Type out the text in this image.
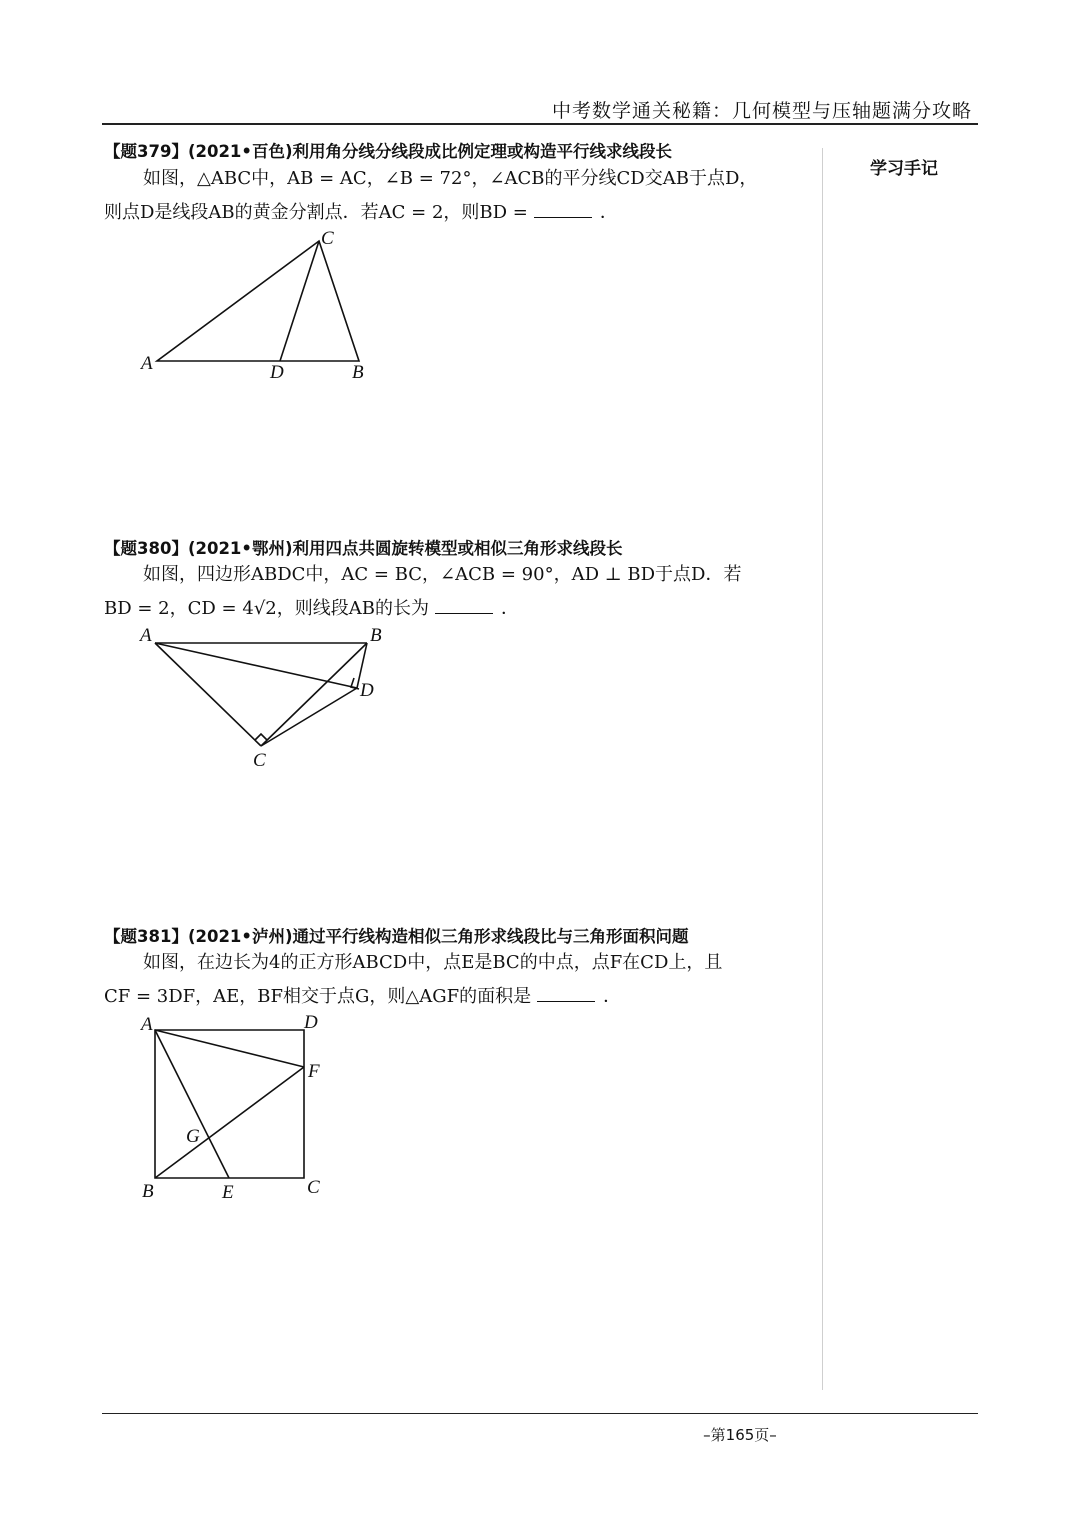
中考数学通关秘籍：几何模型与压轴题满分攻略
学习手记
【题379】(2021•百色)利用角分线分线段成比例定理或构造平行线求线段长
如图，△ABC中，AB = AC，∠B = 72°，∠ACB的平分线CD交AB于点D，
则点D是线段AB的黄金分割点．若AC = 2，则BD =	．
【题380】(2021•鄂州)利用四点共圆旋转模型或相似三角形求线段长
如图，四边形ABDC中，AC = BC，∠ACB = 90°，AD ⊥ BD于点D．若
BD = 2，CD = 4√2，则线段AB的长为	．
【题381】(2021•泸州)通过平行线构造相似三角形求线段比与三角形面积问题
如图，在边长为4的正方形ABCD中，点E是BC的中点，点F在CD上，且
CF = 3DF，AE，BF相交于点G，则△AGF的面积是	．
A	B
C
D
A	B
C
D
A
B	C
D
E
F
G
–第165页–
